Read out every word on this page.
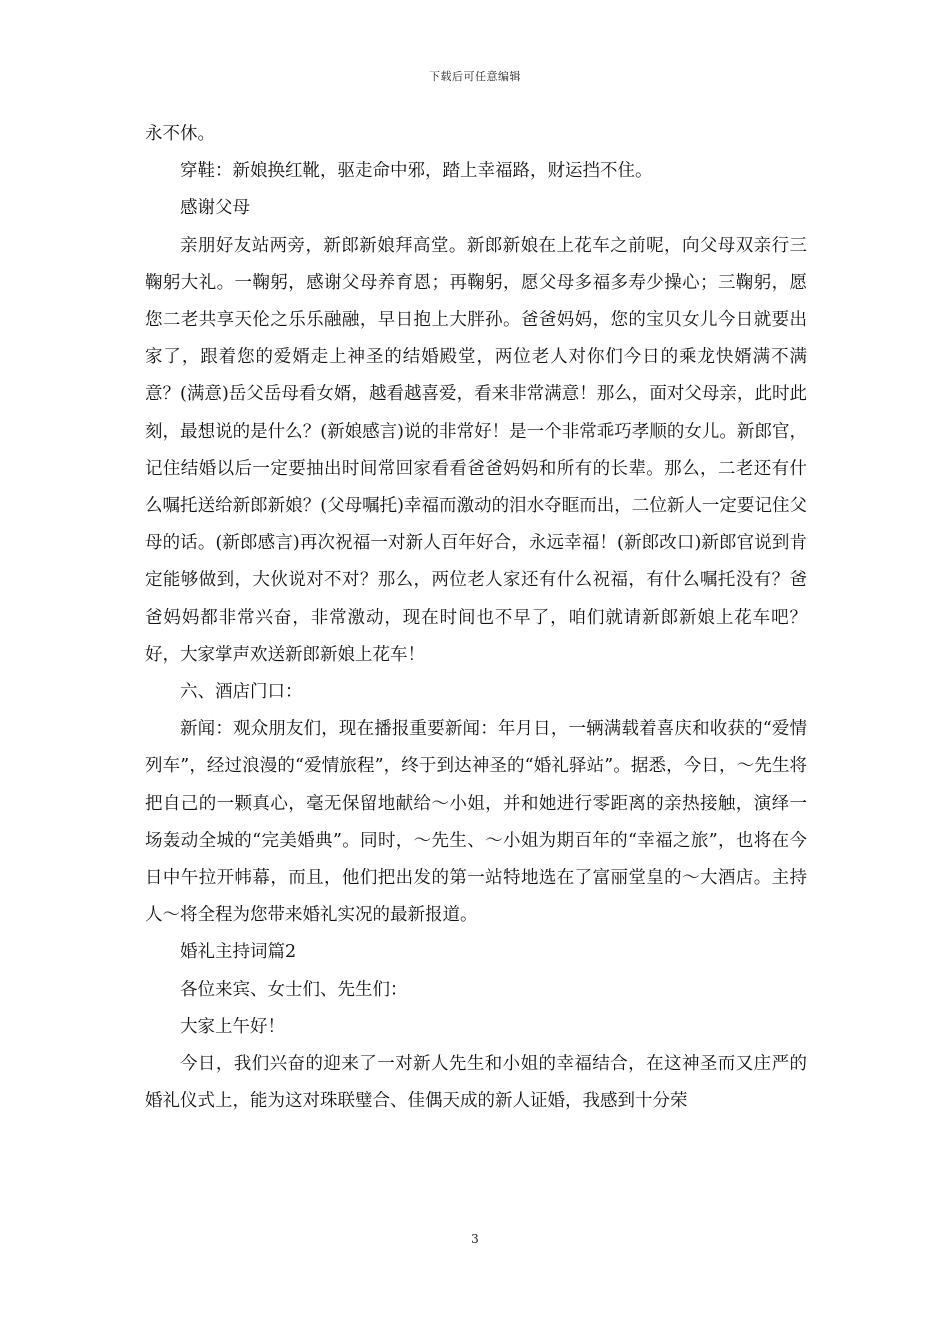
下载后可任意编辑

永不休。

穿鞋：新娘换红靴，驱走命中邪，踏上幸福路，财运挡不住。

感谢父母

亲朋好友站两旁，新郎新娘拜高堂。新郎新娘在上花车之前呢，向父母双亲行三鞠躬大礼。一鞠躬，感谢父母养育恩；再鞠躬，愿父母多福多寿少操心；三鞠躬，愿您二老共享天伦之乐乐融融，早日抱上大胖孙。爸爸妈妈，您的宝贝女儿今日就要出家了，跟着您的爱婿走上神圣的结婚殿堂，两位老人对你们今日的乘龙快婿满不满意？(满意)岳父岳母看女婿，越看越喜爱，看来非常满意！那么，面对父母亲，此时此刻，最想说的是什么？(新娘感言)说的非常好！是一个非常乖巧孝顺的女儿。新郎官，记住结婚以后一定要抽出时间常回家看看爸爸妈妈和所有的长辈。那么，二老还有什么嘱托送给新郎新娘？(父母嘱托)幸福而激动的泪水夺眶而出，二位新人一定要记住父母的话。(新郎感言)再次祝福一对新人百年好合，永远幸福！(新郎改口)新郎官说到肯定能够做到，大伙说对不对？那么，两位老人家还有什么祝福，有什么嘱托没有？爸爸妈妈都非常兴奋，非常激动，现在时间也不早了，咱们就请新郎新娘上花车吧？好，大家掌声欢送新郎新娘上花车！

六、酒店门口：

新闻：观众朋友们，现在播报重要新闻：年月日，一辆满载着喜庆和收获的“爱情列车”，经过浪漫的“爱情旅程”，终于到达神圣的“婚礼驿站”。据悉，今日，～先生将把自己的一颗真心，毫无保留地献给～小姐，并和她进行零距离的亲热接触，演绎一场轰动全城的“完美婚典”。同时，～先生、～小姐为期百年的“幸福之旅”，也将在今日中午拉开帏幕，而且，他们把出发的第一站特地选在了富丽堂皇的～大酒店。主持人～将全程为您带来婚礼实况的最新报道。

婚礼主持词篇2

各位来宾、女士们、先生们：

大家上午好！

今日，我们兴奋的迎来了一对新人先生和小姐的幸福结合，在这神圣而又庄严的婚礼仪式上，能为这对珠联璧合、佳偶天成的新人证婚，我感到十分荣

3
